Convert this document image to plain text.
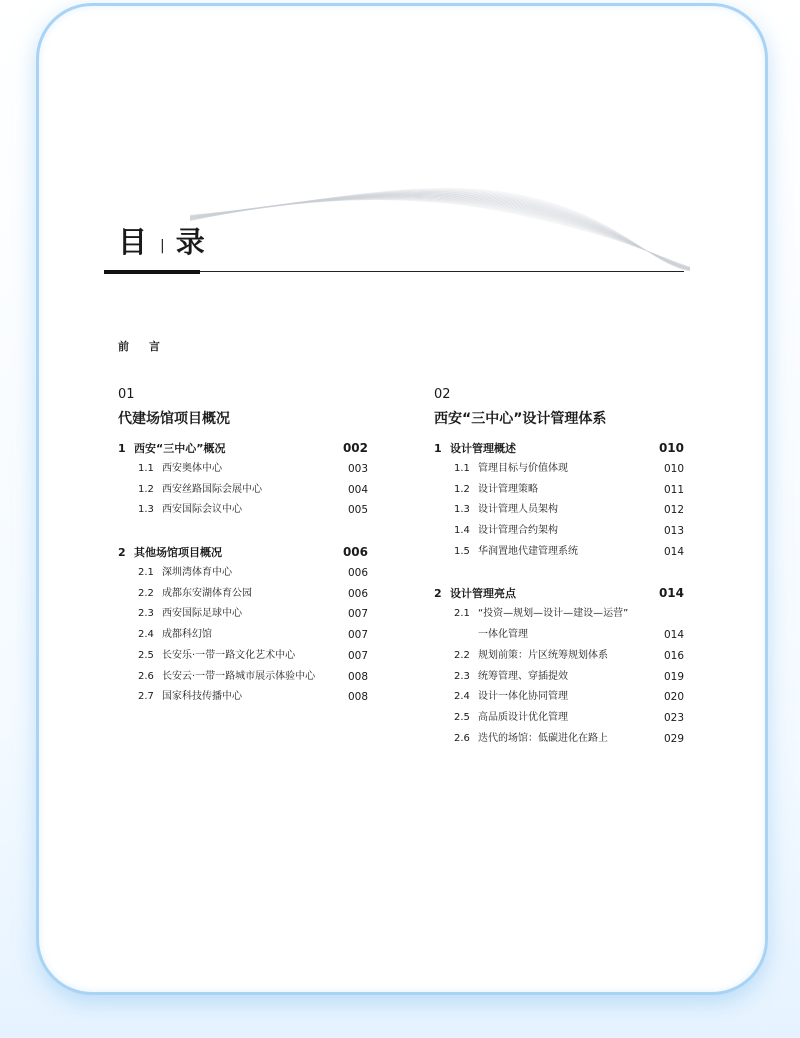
目 | 录
前 言
01
代建场馆项目概况
1 西安“三中心”概况	002
1.1 西安奥体中心	003
1.2 西安丝路国际会展中心	004
1.3 西安国际会议中心	005
2 其他场馆项目概况	006
2.1 深圳湾体育中心	006
2.2 成都东安湖体育公园	006
2.3 西安国际足球中心	007
2.4 成都科幻馆	007
2.5 长安乐·一带一路文化艺术中心	007
2.6 长安云·一带一路城市展示体验中心	008
2.7 国家科技传播中心	008
02
西安“三中心”设计管理体系
1 设计管理概述	010
1.1 管理目标与价值体现	010
1.2 设计管理策略	011
1.3 设计管理人员架构	012
1.4 设计管理合约架构	013
1.5 华润置地代建管理系统	014
2 设计管理亮点	014
2.1 “投资—规划—设计—建设—运营”
一体化管理	014
2.2 规划前策：片区统筹规划体系	016
2.3 统筹管理、穿插提效	019
2.4 设计一体化协同管理	020
2.5 高品质设计优化管理	023
2.6 迭代的场馆：低碳进化在路上	029
